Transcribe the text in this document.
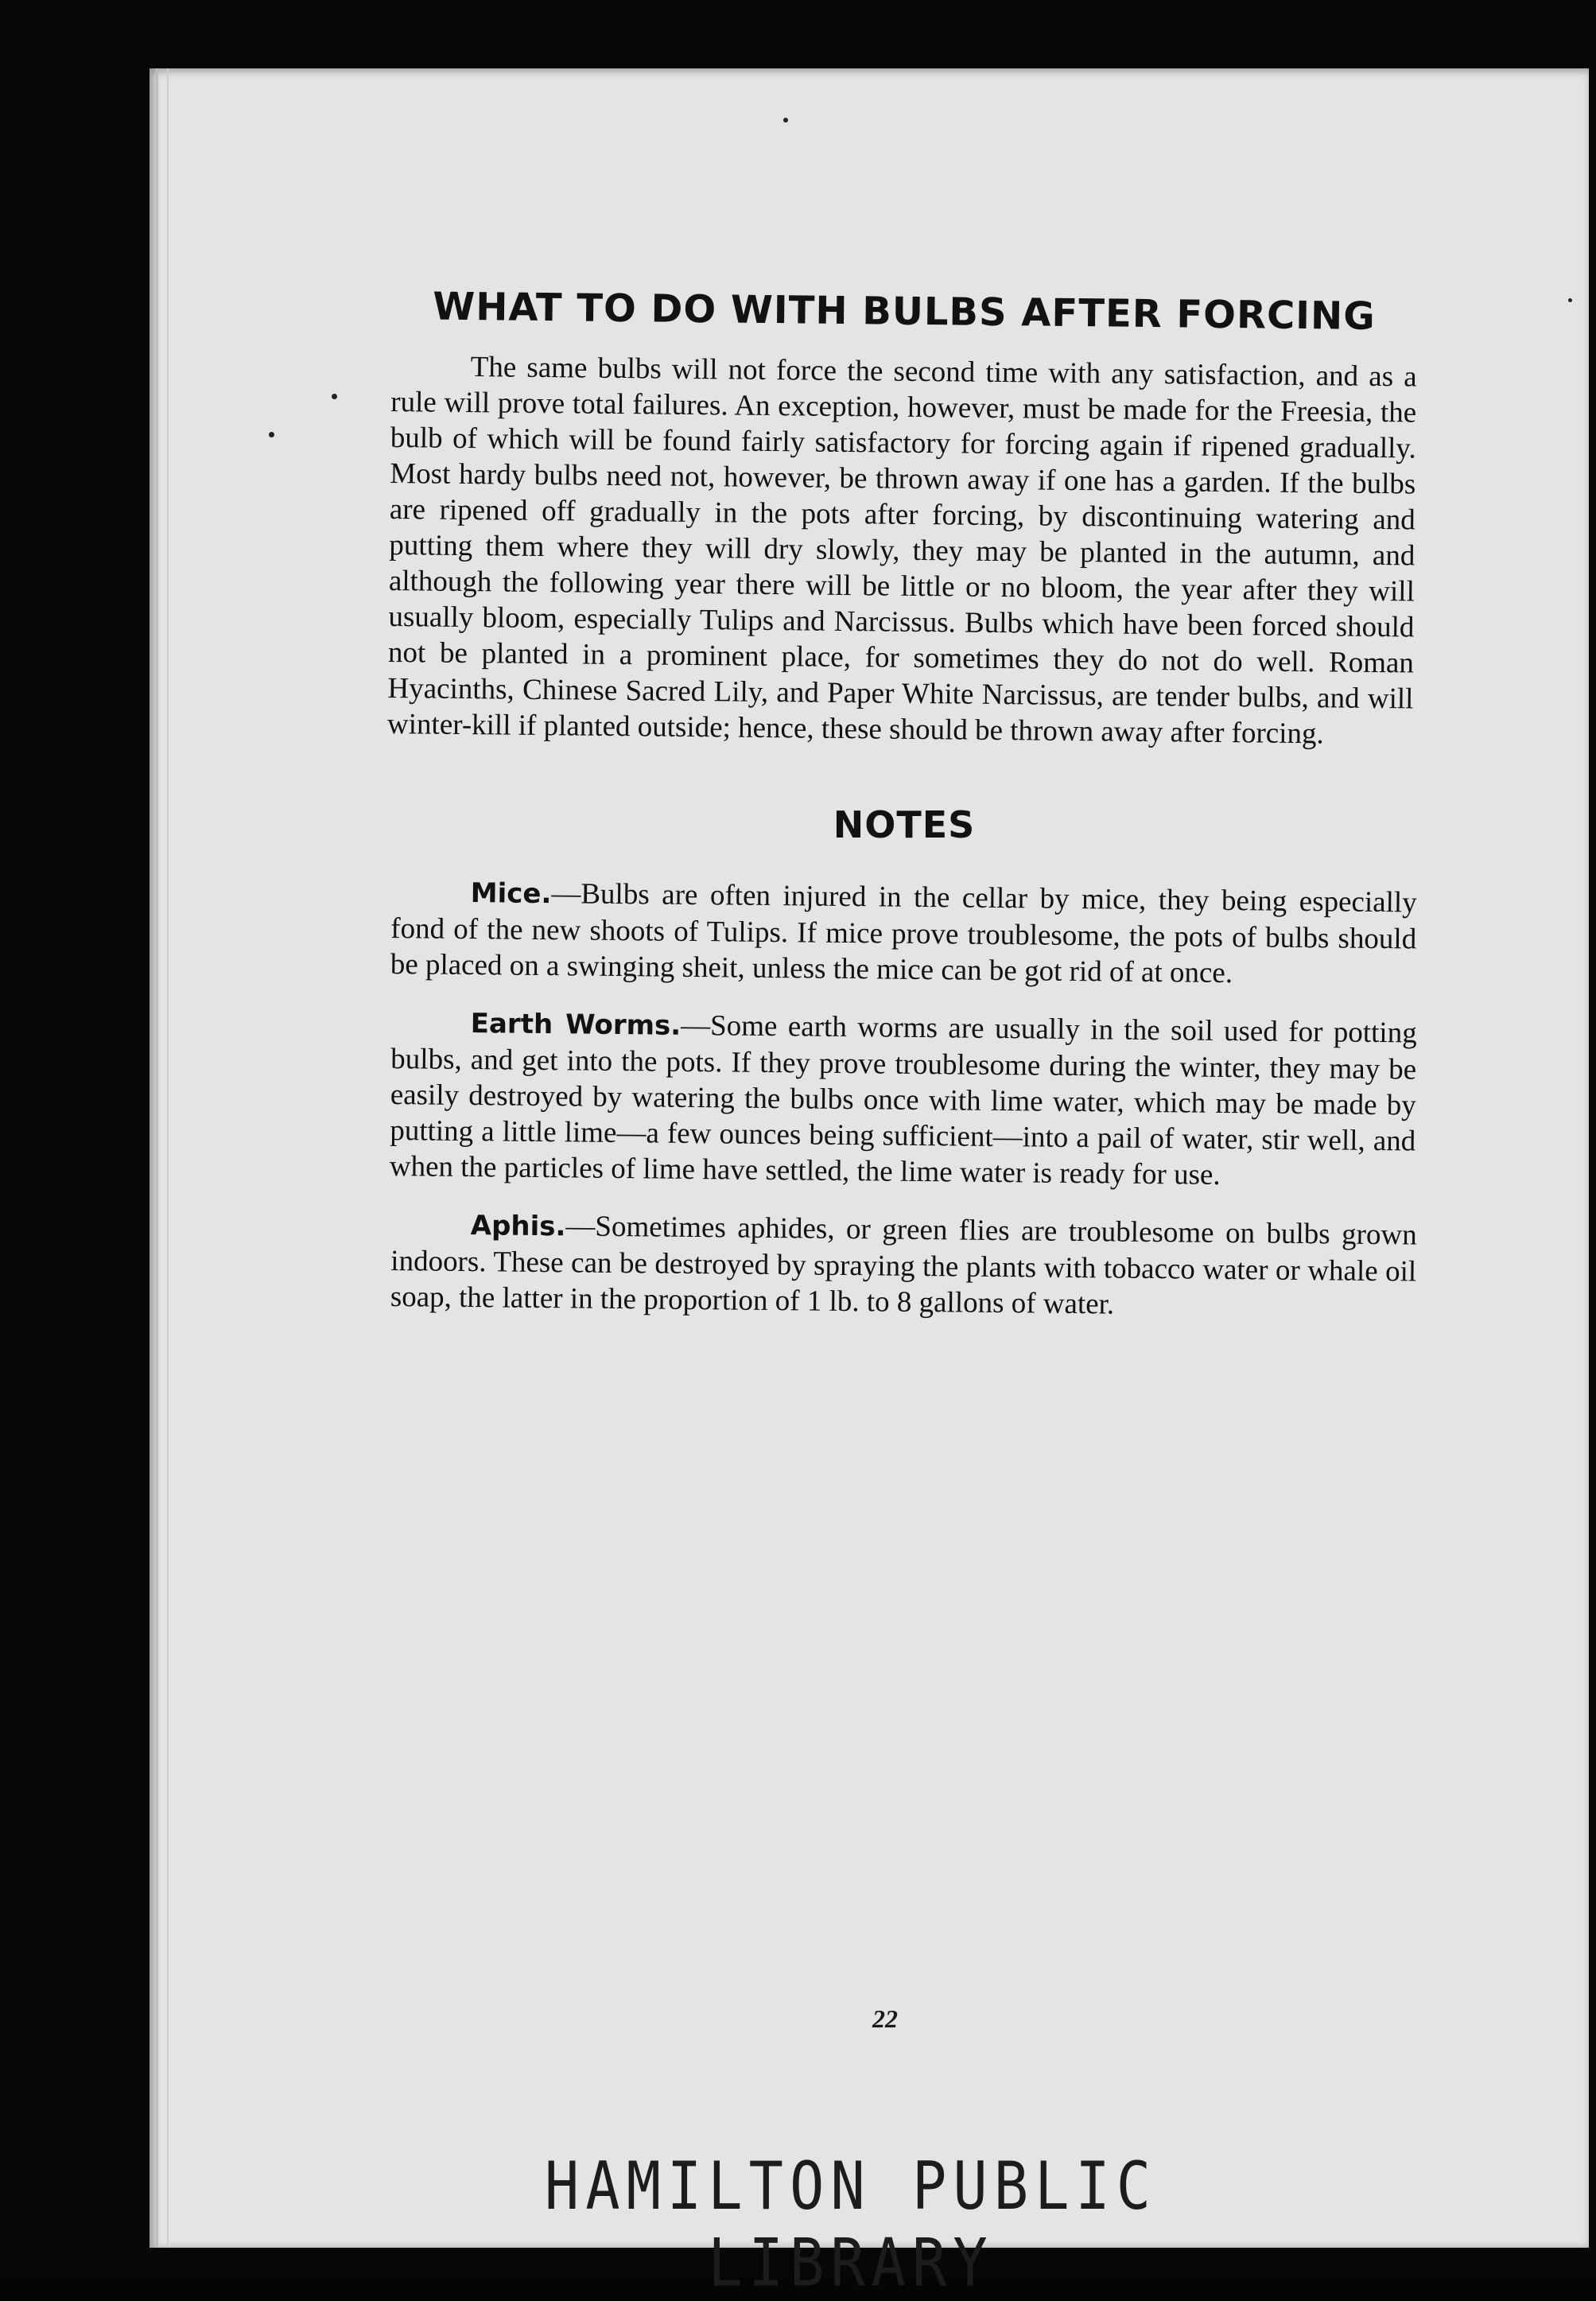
WHAT TO DO WITH BULBS AFTER FORCING

The same bulbs will not force the second time with any satisfaction, and as a rule will prove total failures. An exception, however, must be made for the Freesia, the bulb of which will be found fairly satisfactory for forcing again if ripened gradually. Most hardy bulbs need not, however, be thrown away if one has a garden. If the bulbs are ripened off gradually in the pots after forcing, by discontinuing watering and putting them where they will dry slowly, they may be planted in the autumn, and although the following year there will be little or no bloom, the year after they will usually bloom, especially Tulips and Narcissus. Bulbs which have been forced should not be planted in a prominent place, for sometimes they do not do well. Roman Hyacinths, Chinese Sacred Lily, and Paper White Narcissus, are tender bulbs, and will winter-kill if planted outside; hence, these should be thrown away after forcing.

NOTES

Mice.—Bulbs are often injured in the cellar by mice, they being especially fond of the new shoots of Tulips. If mice prove troublesome, the pots of bulbs should be placed on a swinging sheit, unless the mice can be got rid of at once.

Earth Worms.—Some earth worms are usually in the soil used for potting bulbs, and get into the pots. If they prove troublesome during the winter, they may be easily destroyed by watering the bulbs once with lime water, which may be made by putting a little lime—a few ounces being sufficient—into a pail of water, stir well, and when the particles of lime have settled, the lime water is ready for use.

Aphis.—Sometimes aphides, or green flies are troublesome on bulbs grown indoors. These can be destroyed by spraying the plants with tobacco water or whale oil soap, the latter in the proportion of 1 lb. to 8 gallons of water.

22
HAMILTON PUBLIC LIBRARY
